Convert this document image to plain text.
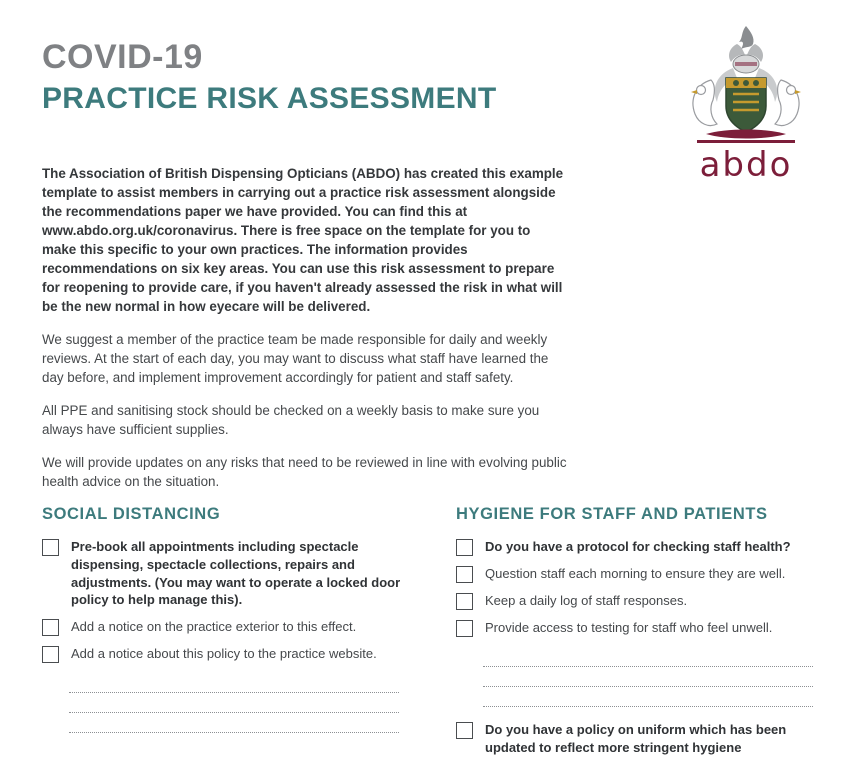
COVID-19
PRACTICE RISK ASSESSMENT
abdo

The Association of British Dispensing Opticians (ABDO) has created this example template to assist members in carrying out a practice risk assessment alongside the recommendations paper we have provided. You can find this at www.abdo.org.uk/coronavirus. There is free space on the template for you to make this specific to your own practices. The information provides recommendations on six key areas. You can use this risk assessment to prepare for reopening to provide care, if you haven't already assessed the risk in what will be the new normal in how eyecare will be delivered.

We suggest a member of the practice team be made responsible for daily and weekly reviews. At the start of each day, you may want to discuss what staff have learned the day before, and implement improvement accordingly for patient and staff safety.

All PPE and sanitising stock should be checked on a weekly basis to make sure you always have sufficient supplies.

We will provide updates on any risks that need to be reviewed in line with evolving public health advice on the situation.

SOCIAL DISTANCING
Pre-book all appointments including spectacle dispensing, spectacle collections, repairs and adjustments. (You may want to operate a locked door policy to help manage this).
Add a notice on the practice exterior to this effect.
Add a notice about this policy to the practice website.
HYGIENE FOR STAFF AND PATIENTS
Do you have a protocol for checking staff health?
Question staff each morning to ensure they are well.
Keep a daily log of staff responses.
Provide access to testing for staff who feel unwell.
Do you have a policy on uniform which has been updated to reflect more stringent hygiene
